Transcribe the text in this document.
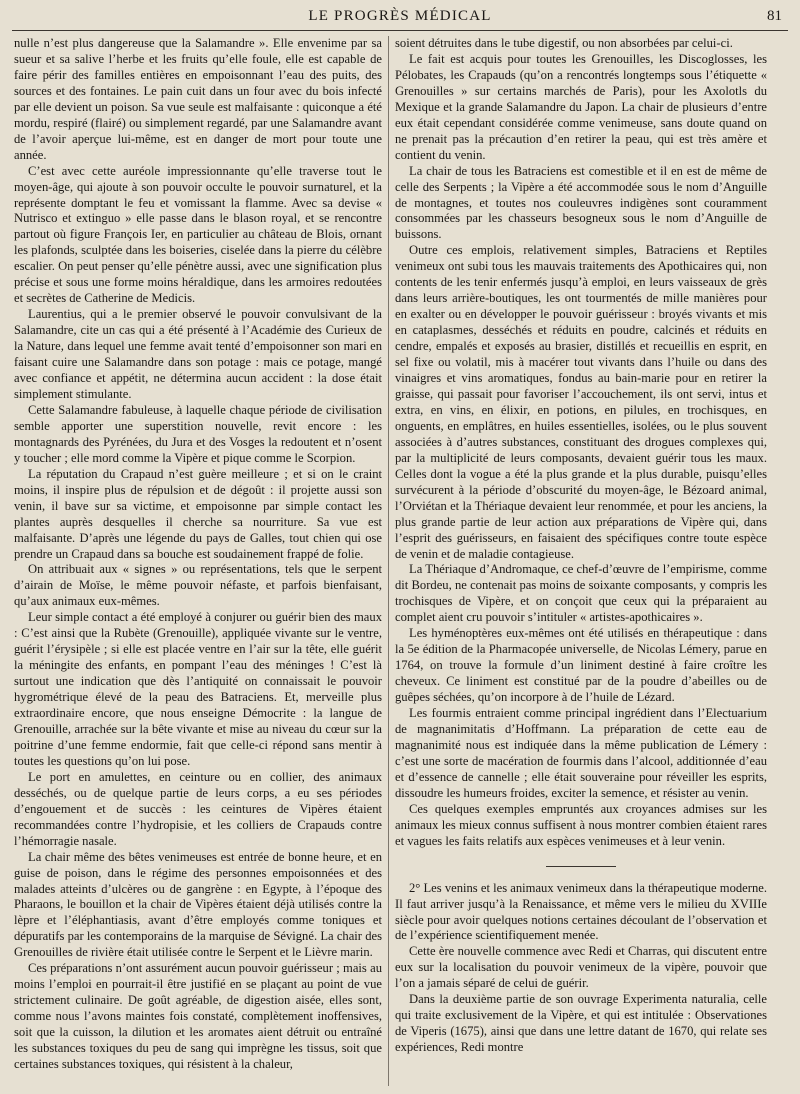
LE PROGRÈS MÉDICAL	81

nulle n’est plus dangereuse que la Salamandre ». Elle envenime par sa sueur et sa salive l’herbe et les fruits qu’elle foule, elle est capable de faire périr des familles entières en empoisonnant l’eau des puits, des sources et des fontaines. Le pain cuit dans un four avec du bois infecté par elle devient un poison. Sa vue seule est malfaisante : quiconque a été mordu, respiré (flairé) ou simplement regardé, par une Salamandre avant de l’avoir aperçue lui-même, est en danger de mort pour toute une année.

C’est avec cette auréole impressionnante qu’elle traverse tout le moyen-âge, qui ajoute à son pouvoir occulte le pouvoir surnaturel, et la représente domptant le feu et vomissant la flamme. Avec sa devise « Nutrisco et extinguo » elle passe dans le blason royal, et se rencontre partout où figure François Ier, en particulier au château de Blois, ornant les plafonds, sculptée dans les boiseries, ciselée dans la pierre du célèbre escalier. On peut penser qu’elle pénètre aussi, avec une signification plus précise et sous une forme moins héraldique, dans les armoires redoutées et secrètes de Catherine de Medicis.

Laurentius, qui a le premier observé le pouvoir convulsivant de la Salamandre, cite un cas qui a été présenté à l’Académie des Curieux de la Nature, dans lequel une femme avait tenté d’empoisonner son mari en faisant cuire une Salamandre dans son potage : mais ce potage, mangé avec confiance et appétit, ne détermina aucun accident : la dose était simplement stimulante.

Cette Salamandre fabuleuse, à laquelle chaque période de civilisation semble apporter une superstition nouvelle, revit encore : les montagnards des Pyrénées, du Jura et des Vosges la redoutent et n’osent y toucher ; elle mord comme la Vipère et pique comme le Scorpion.

La réputation du Crapaud n’est guère meilleure ; et si on le craint moins, il inspire plus de répulsion et de dégoût : il projette aussi son venin, il bave sur sa victime, et empoisonne par simple contact les plantes auprès desquelles il cherche sa nourriture. Sa vue est malfaisante. D’après une légende du pays de Galles, tout chien qui ose prendre un Crapaud dans sa bouche est soudainement frappé de folie.

On attribuait aux « signes » ou représentations, tels que le serpent d’airain de Moïse, le même pouvoir néfaste, et parfois bienfaisant, qu’aux animaux eux-mêmes.

Leur simple contact a été employé à conjurer ou guérir bien des maux : C’est ainsi que la Rubète (Grenouille), appliquée vivante sur le ventre, guérit l’érysipèle ; si elle est placée ventre en l’air sur la tête, elle guérit la méningite des enfants, en pompant l’eau des méninges ! C’est là surtout une indication que dès l’antiquité on connaissait le pouvoir hygrométrique élevé de la peau des Batraciens. Et, merveille plus extraordinaire encore, que nous enseigne Démocrite : la langue de Grenouille, arrachée sur la bête vivante et mise au niveau du cœur sur la poitrine d’une femme endormie, fait que celle-ci répond sans mentir à toutes les questions qu’on lui pose.

Le port en amulettes, en ceinture ou en collier, des animaux desséchés, ou de quelque partie de leurs corps, a eu ses périodes d’engouement et de succès : les ceintures de Vipères étaient recommandées contre l’hydropisie, et les colliers de Crapauds contre l’hémorragie nasale.

La chair même des bêtes venimeuses est entrée de bonne heure, et en guise de poison, dans le régime des personnes empoisonnées et des malades atteints d’ulcères ou de gangrène : en Egypte, à l’époque des Pharaons, le bouillon et la chair de Vipères étaient déjà utilisés contre la lèpre et l’éléphantiasis, avant d’être employés comme toniques et dépuratifs par les contemporains de la marquise de Sévigné. La chair des Grenouilles de rivière était utilisée contre le Serpent et le Lièvre marin.

Ces préparations n’ont assurément aucun pouvoir guérisseur ; mais au moins l’emploi en pourrait-il être justifié en se plaçant au point de vue strictement culinaire. De goût agréable, de digestion aisée, elles sont, comme nous l’avons maintes fois constaté, complètement inoffensives, soit que la cuisson, la dilution et les aromates aient détruit ou entraîné les substances toxiques du peu de sang qui imprègne les tissus, soit que certaines substances toxiques, qui résistent à la chaleur,

soient détruites dans le tube digestif, ou non absorbées par celui-ci.

Le fait est acquis pour toutes les Grenouilles, les Discoglosses, les Pélobates, les Crapauds (qu’on a rencontrés longtemps sous l’étiquette « Grenouilles » sur certains marchés de Paris), pour les Axolotls du Mexique et la grande Salamandre du Japon. La chair de plusieurs d’entre eux était cependant considérée comme venimeuse, sans doute quand on ne prenait pas la précaution d’en retirer la peau, qui est très amère et contient du venin.

La chair de tous les Batraciens est comestible et il en est de même de celle des Serpents ; la Vipère a été accommodée sous le nom d’Anguille de montagnes, et toutes nos couleuvres indigènes sont couramment consommées par les chasseurs besogneux sous le nom d’Anguille de buissons.

Outre ces emplois, relativement simples, Batraciens et Reptiles venimeux ont subi tous les mauvais traitements des Apothicaires qui, non contents de les tenir enfermés jusqu’à emploi, en leurs vaisseaux de grès dans leurs arrière-boutiques, les ont tourmentés de mille manières pour en exalter ou en développer le pouvoir guérisseur : broyés vivants et mis en cataplasmes, desséchés et réduits en poudre, calcinés et réduits en cendre, empalés et exposés au brasier, distillés et recueillis en esprit, en sel fixe ou volatil, mis à macérer tout vivants dans l’huile ou dans des vinaigres et vins aromatiques, fondus au bain-marie pour en retirer la graisse, qui passait pour favoriser l’accouchement, ils ont servi, intus et extra, en vins, en élixir, en potions, en pilules, en trochisques, en onguents, en emplâtres, en huiles essentielles, isolées, ou le plus souvent associées à d’autres substances, constituant des drogues complexes qui, par la multiplicité de leurs composants, devaient guérir tous les maux. Celles dont la vogue a été la plus grande et la plus durable, puisqu’elles survécurent à la période d’obscurité du moyen-âge, le Bézoard animal, l’Orviétan et la Thériaque devaient leur renommée, et pour les anciens, la plus grande partie de leur action aux préparations de Vipère qui, dans l’esprit des guérisseurs, en faisaient des spécifiques contre toute espèce de venin et de maladie contagieuse.

La Thériaque d’Andromaque, ce chef-d’œuvre de l’empirisme, comme dit Bordeu, ne contenait pas moins de soixante composants, y compris les trochisques de Vipère, et on conçoit que ceux qui la préparaient au complet aient cru pouvoir s’intituler « artistes-apothicaires ».

Les hyménoptères eux-mêmes ont été utilisés en thérapeutique : dans la 5e édition de la Pharmacopée universelle, de Nicolas Lémery, parue en 1764, on trouve la formule d’un liniment destiné à faire croître les cheveux. Ce liniment est constitué par de la poudre d’abeilles ou de guêpes séchées, qu’on incorpore à de l’huile de Lézard.

Les fourmis entraient comme principal ingrédient dans l’Electuarium de magnanimitatis d’Hoffmann. La préparation de cette eau de magnanimité nous est indiquée dans la même publication de Lémery : c’est une sorte de macération de fourmis dans l’alcool, additionnée d’eau et d’essence de cannelle ; elle était souveraine pour réveiller les esprits, dissoudre les humeurs froides, exciter la semence, et résister au venin.

Ces quelques exemples empruntés aux croyances admises sur les animaux les mieux connus suffisent à nous montrer combien étaient rares et vagues les faits relatifs aux espèces venimeuses et à leur venin.

2° Les venins et les animaux venimeux dans la thérapeutique moderne. Il faut arriver jusqu’à la Renaissance, et même vers le milieu du XVIIIe siècle pour avoir quelques notions certaines découlant de l’observation et de l’expérience scientifiquement menée.

Cette ère nouvelle commence avec Redi et Charras, qui discutent entre eux sur la localisation du pouvoir venimeux de la vipère, pouvoir que l’on a jamais séparé de celui de guérir.

Dans la deuxième partie de son ouvrage Experimenta naturalia, celle qui traite exclusivement de la Vipère, et qui est intitulée : Observationes de Viperis (1675), ainsi que dans une lettre datant de 1670, qui relate ses expériences, Redi montre
